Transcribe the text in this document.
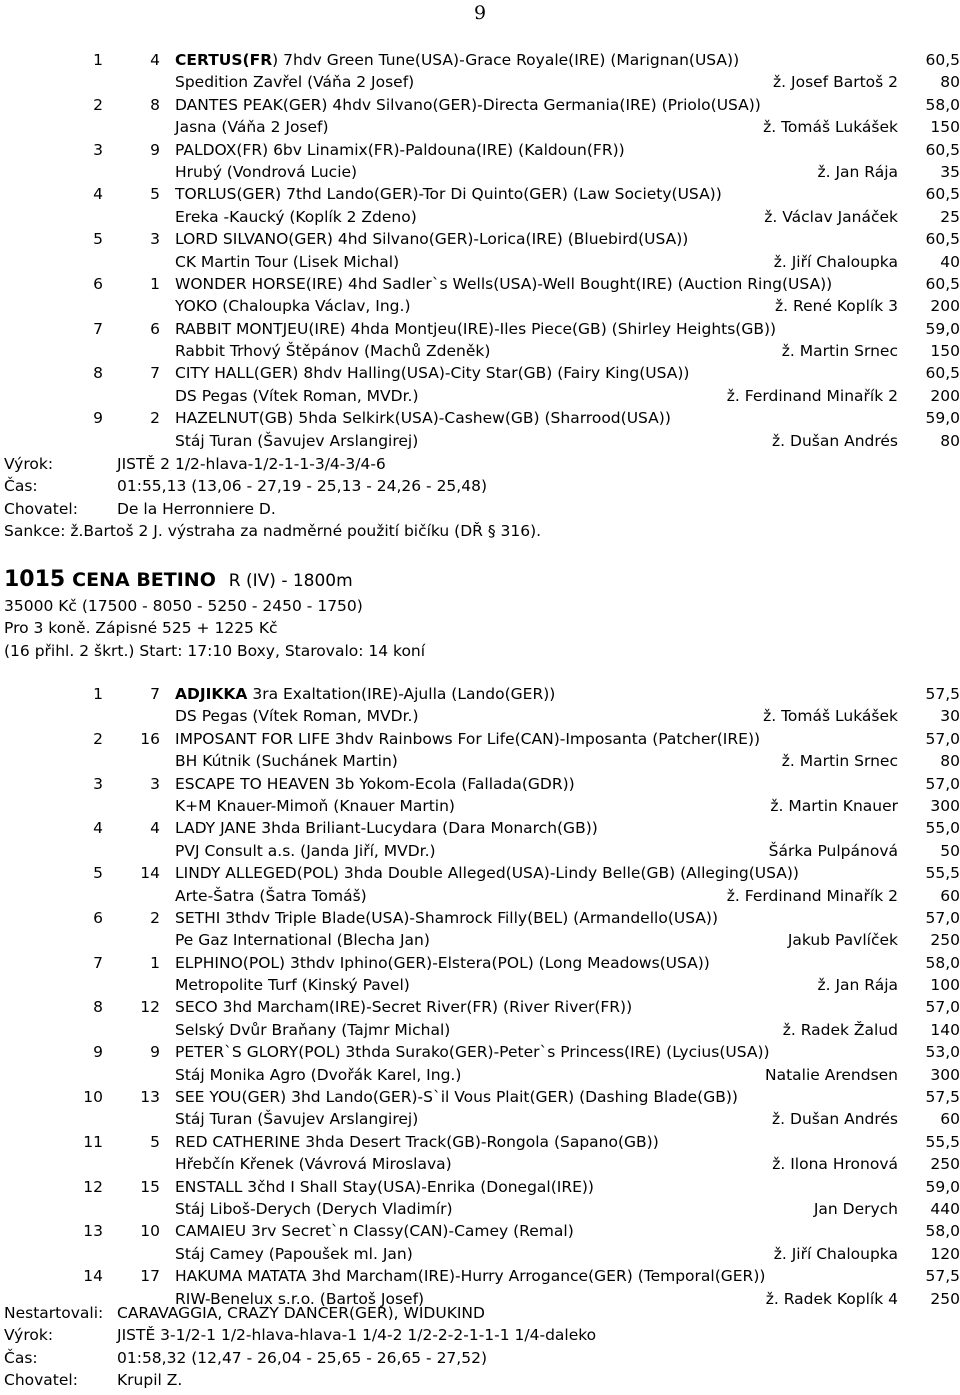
9
1	4 CERTUS(FR) 7hdv Green Tune(USA)-Grace Royale(IRE) (Marignan(USA))	60,5
Spedition Zavřel (Váňa 2 Josef)	ž. Josef Bartoš 2	80
2	8 DANTES PEAK(GER) 4hdv Silvano(GER)-Directa Germania(IRE) (Priolo(USA))	58,0
Jasna (Váňa 2 Josef)	ž. Tomáš Lukášek 150
3	9 PALDOX(FR) 6bv Linamix(FR)-Paldouna(IRE) (Kaldoun(FR))	60,5
Hrubý (Vondrová Lucie)	ž. Jan Rája	35
4	5 TORLUS(GER) 7thd Lando(GER)-Tor Di Quinto(GER) (Law Society(USA))	60,5
Ereka -Kaucký (Koplík 2 Zdeno)	ž. Václav Janáček	25
5	3 LORD SILVANO(GER) 4hd Silvano(GER)-Lorica(IRE) (Bluebird(USA))	60,5
CK Martin Tour (Lisek Michal)	ž. Jiří Chaloupka	40
6	1 WONDER HORSE(IRE) 4hd Sadler`s Wells(USA)-Well Bought(IRE) (Auction Ring(USA))	60,5
YOKO (Chaloupka Václav, Ing.)	ž. René Koplík 3 200
7	6 RABBIT MONTJEU(IRE) 4hda Montjeu(IRE)-Iles Piece(GB) (Shirley Heights(GB))	59,0
Rabbit Trhový Štěpánov (Machů Zdeněk)	ž. Martin Srnec 150
8	7 CITY HALL(GER) 8hdv Halling(USA)-City Star(GB) (Fairy King(USA))	60,5
DS Pegas (Vítek Roman, MVDr.)	ž. Ferdinand Minařík 2 200
9	2 HAZELNUT(GB) 5hda Selkirk(USA)-Cashew(GB) (Sharrood(USA))	59,0
Stáj Turan (Šavujev Arslangirej)	ž. Dušan Andrés	80
Výrok:	JISTĚ 2 1/2-hlava-1/2-1-1-3/4-3/4-6
Čas:	01:55,13 (13,06 - 27,19 - 25,13 - 24,26 - 25,48)
Chovatel:	De la Herronniere D.
Sankce: ž.Bartoš 2 J. výstraha za nadměrné použití bičíku (DŘ § 316).
1015 CENA BETINO R (IV) - 1800m
35000 Kč (17500 - 8050 - 5250 - 2450 - 1750)
Pro 3 koně. Zápisné 525 + 1225 Kč
(16 přihl. 2 škrt.) Start: 17:10 Boxy, Starovalo: 14 koní
1	7 ADJIKKA 3ra Exaltation(IRE)-Ajulla (Lando(GER))	57,5
DS Pegas (Vítek Roman, MVDr.)	ž. Tomáš Lukášek	30
2 16 IMPOSANT FOR LIFE 3hdv Rainbows For Life(CAN)-Imposanta (Patcher(IRE))	57,0
BH Kútnik (Suchánek Martin)	ž. Martin Srnec	80
3	3 ESCAPE TO HEAVEN 3b Yokom-Ecola (Fallada(GDR))	57,0
K+M Knauer-Mimoň (Knauer Martin)	ž. Martin Knauer 300
4	4 LADY JANE 3hda Briliant-Lucydara (Dara Monarch(GB))	55,0
PVJ Consult a.s. (Janda Jiří, MVDr.)	Šárka Pulpánová	50
5 14 LINDY ALLEGED(POL) 3hda Double Alleged(USA)-Lindy Belle(GB) (Alleging(USA))	55,5
Arte-Šatra (Šatra Tomáš)	ž. Ferdinand Minařík 2	60
6	2 SETHI 3thdv Triple Blade(USA)-Shamrock Filly(BEL) (Armandello(USA))	57,0
Pe Gaz International (Blecha Jan)	Jakub Pavlíček 250
7	1 ELPHINO(POL) 3thdv Iphino(GER)-Elstera(POL) (Long Meadows(USA))	58,0
Metropolite Turf (Kinský Pavel)	ž. Jan Rája 100
8 12 SECO 3hd Marcham(IRE)-Secret River(FR) (River River(FR))	57,0
Selský Dvůr Braňany (Tajmr Michal)	ž. Radek Žalud 140
9	9 PETER`S GLORY(POL) 3thda Surako(GER)-Peter`s Princess(IRE) (Lycius(USA))	53,0
Stáj Monika Agro (Dvořák Karel, Ing.)	Natalie Arendsen 300
10 13 SEE YOU(GER) 3hd Lando(GER)-S`il Vous Plait(GER) (Dashing Blade(GB))	57,5
Stáj Turan (Šavujev Arslangirej)	ž. Dušan Andrés	60
11	5 RED CATHERINE 3hda Desert Track(GB)-Rongola (Sapano(GB))	55,5
Hřebčín Křenek (Vávrová Miroslava)	ž. Ilona Hronová 250
12 15 ENSTALL 3čhd I Shall Stay(USA)-Enrika (Donegal(IRE))	59,0
Stáj Liboš-Derych (Derych Vladimír)	Jan Derych 440
13 10 CAMAIEU 3rv Secret`n Classy(CAN)-Camey (Remal)	58,0
Stáj Camey (Papoušek ml. Jan)	ž. Jiří Chaloupka 120
14 17 HAKUMA MATATA 3hd Marcham(IRE)-Hurry Arrogance(GER) (Temporal(GER))	57,5
RIW-Benelux s.r.o. (Bartoš Josef)	ž. Radek Koplík 4 250
Nestartovali: CARAVAGGIA, CRAZY DANCER(GER), WIDUKIND
Výrok:	JISTĚ 3-1/2-1 1/2-hlava-hlava-1 1/4-2 1/2-2-2-1-1-1 1/4-daleko
Čas:	01:58,32 (12,47 - 26,04 - 25,65 - 26,65 - 27,52)
Chovatel:	Krupil Z.
